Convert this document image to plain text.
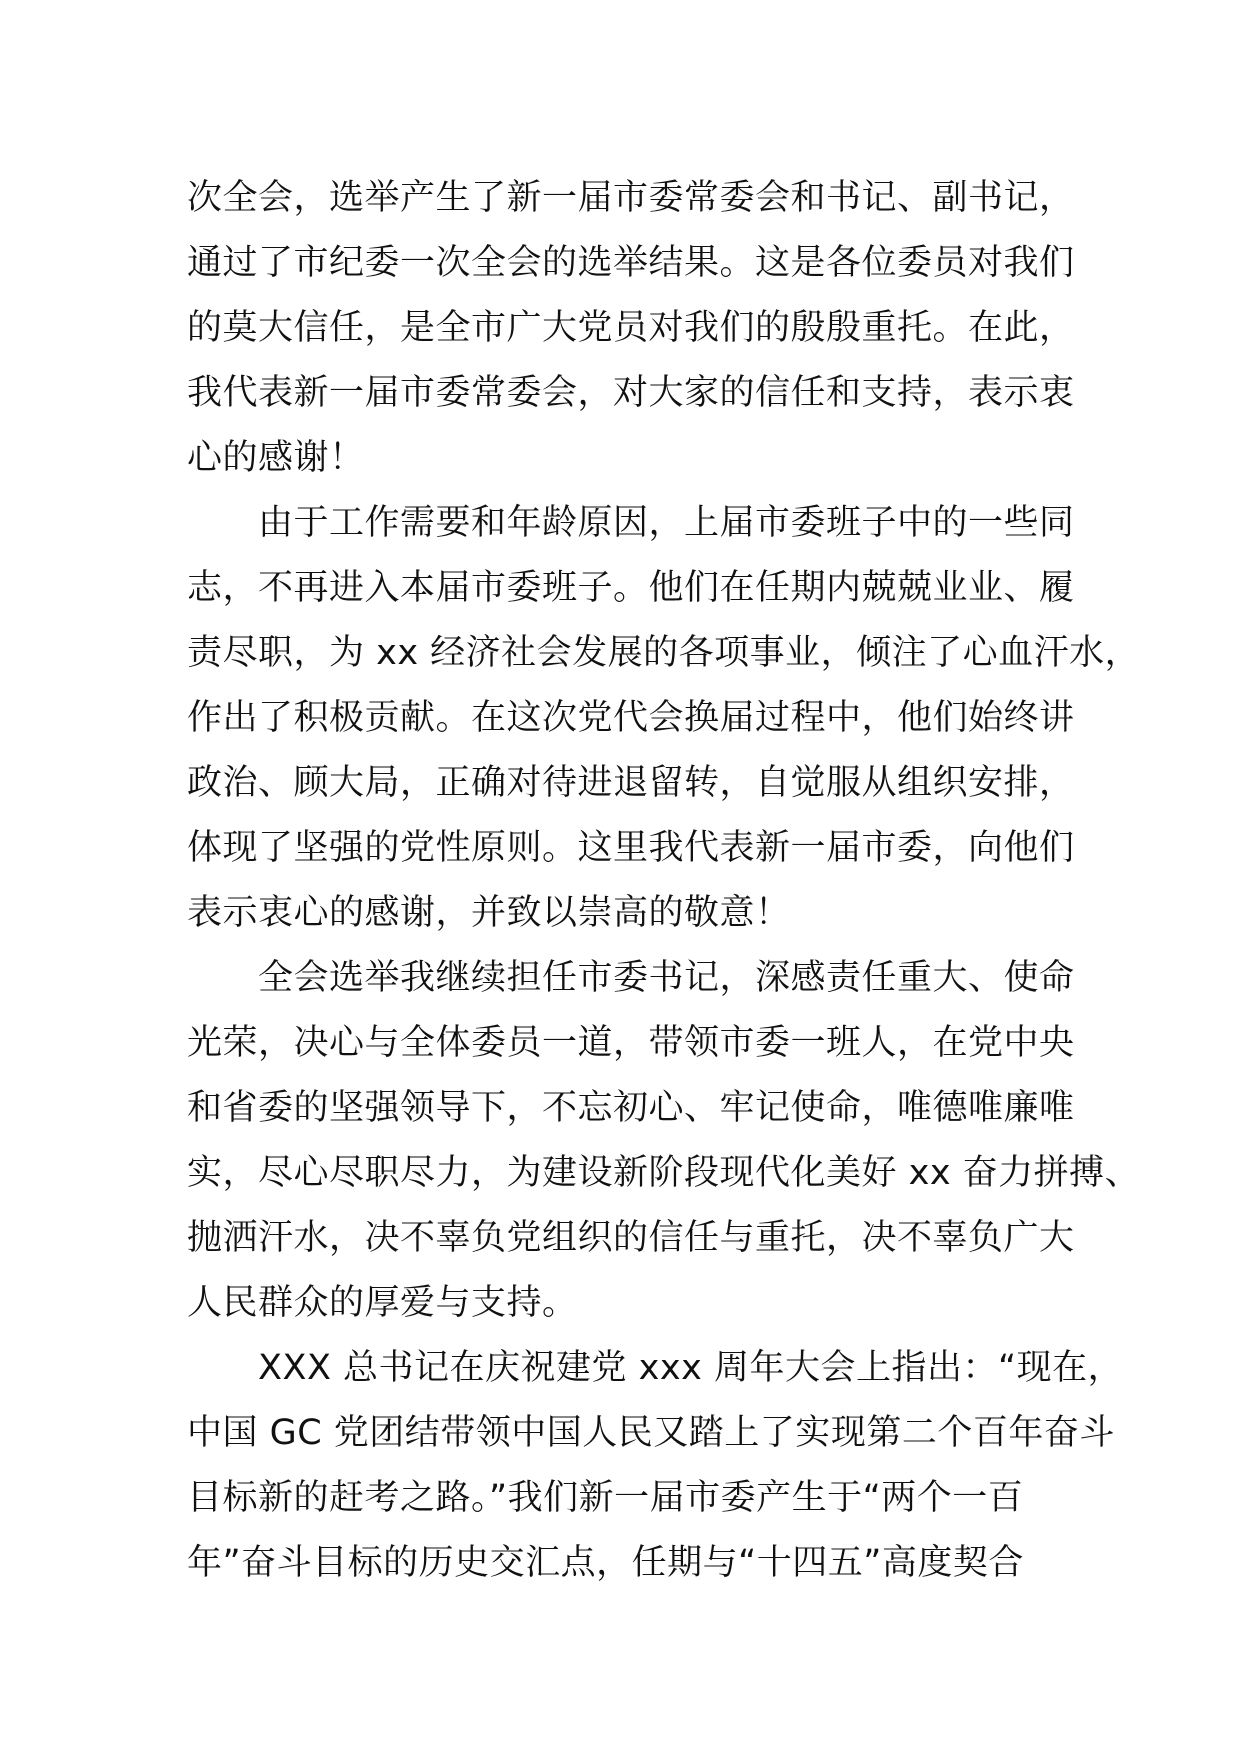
次全会，选举产生了新一届市委常委会和书记、副书记，
通过了市纪委一次全会的选举结果。这是各位委员对我们
的莫大信任，是全市广大党员对我们的殷殷重托。在此，
我代表新一届市委常委会，对大家的信任和支持，表示衷
心的感谢！
　　由于工作需要和年龄原因，上届市委班子中的一些同
志，不再进入本届市委班子。他们在任期内兢兢业业、履
责尽职，为 xx 经济社会发展的各项事业，倾注了心血汗水，
作出了积极贡献。在这次党代会换届过程中，他们始终讲
政治、顾大局，正确对待进退留转，自觉服从组织安排，
体现了坚强的党性原则。这里我代表新一届市委，向他们
表示衷心的感谢，并致以崇高的敬意！
　　全会选举我继续担任市委书记，深感责任重大、使命
光荣，决心与全体委员一道，带领市委一班人，在党中央
和省委的坚强领导下，不忘初心、牢记使命，唯德唯廉唯
实，尽心尽职尽力，为建设新阶段现代化美好 xx 奋力拼搏、
抛洒汗水，决不辜负党组织的信任与重托，决不辜负广大
人民群众的厚爱与支持。
　　XXX 总书记在庆祝建党 xxx 周年大会上指出：“现在，
中国 GC 党团结带领中国人民又踏上了实现第二个百年奋斗
目标新的赶考之路。”我们新一届市委产生于“两个一百
年”奋斗目标的历史交汇点，任期与“十四五”高度契合
